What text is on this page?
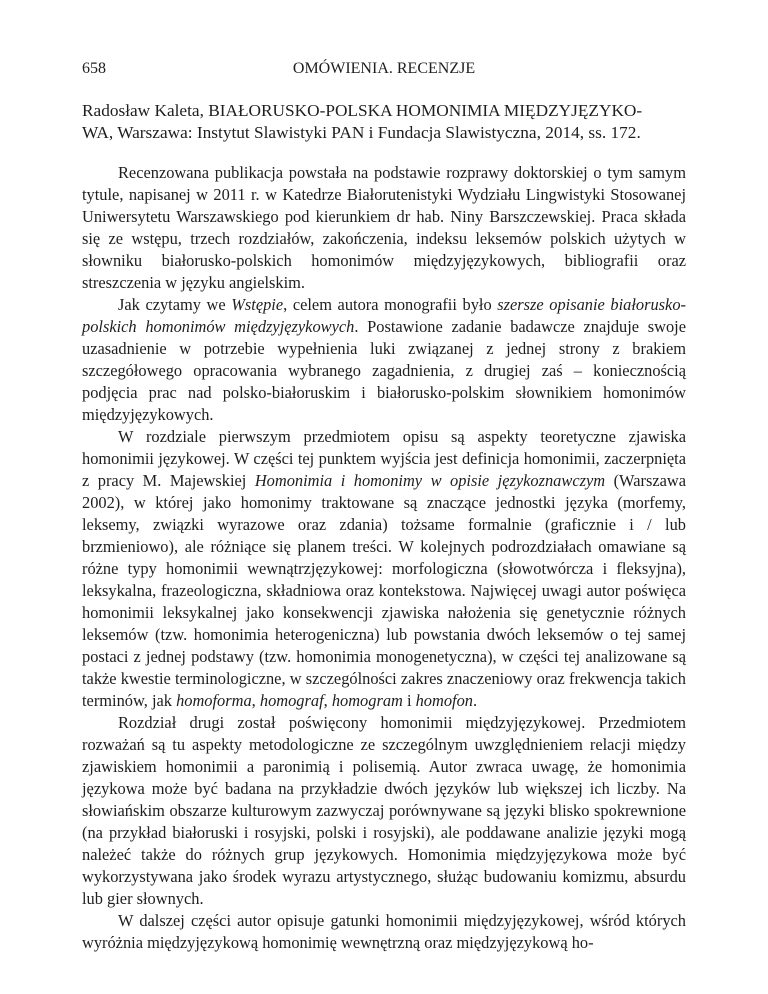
658	OMÓWIENIA. RECENZJE

Radosław Kaleta, BIAŁORUSKO-POLSKA HOMONIMIA MIĘDZYJĘZYKO-
WA, Warszawa: Instytut Slawistyki PAN i Fundacja Slawistyczna, 2014, ss. 172.

Recenzowana publikacja powstała na podstawie rozprawy doktorskiej o tym samym tytule, napisanej w 2011 r. w Katedrze Białorutenistyki Wydziału Lingwistyki Stosowanej Uniwersytetu Warszawskiego pod kierunkiem dr hab. Niny Barszczewskiej. Praca składa się ze wstępu, trzech rozdziałów, zakończenia, indeksu leksemów polskich użytych w słowniku białorusko-polskich homonimów międzyjęzykowych, bibliografii oraz streszczenia w języku angielskim.

Jak czytamy we Wstępie, celem autora monografii było szersze opisanie białorusko-polskich homonimów międzyjęzykowych. Postawione zadanie badawcze znajduje swoje uzasadnienie w potrzebie wypełnienia luki związanej z jednej strony z brakiem szczegółowego opracowania wybranego zagadnienia, z drugiej zaś – koniecznością podjęcia prac nad polsko-białoruskim i białorusko-polskim słownikiem homonimów międzyjęzykowych.

W rozdziale pierwszym przedmiotem opisu są aspekty teoretyczne zjawiska homonimii językowej. W części tej punktem wyjścia jest definicja homonimii, zaczerpnięta z pracy M. Majewskiej Homonimia i homonimy w opisie językoznawczym (Warszawa 2002), w której jako homonimy traktowane są znaczące jednostki języka (morfemy, leksemy, związki wyrazowe oraz zdania) tożsame formalnie (graficznie i / lub brzmieniowo), ale różniące się planem treści. W kolejnych podrozdziałach omawiane są różne typy homonimii wewnątrzjęzykowej: morfologiczna (słowotwórcza i fleksyjna), leksykalna, frazeologiczna, składniowa oraz kontekstowa. Najwięcej uwagi autor poświęca homonimii leksykalnej jako konsekwencji zjawiska nałożenia się genetycznie różnych leksemów (tzw. homonimia heterogeniczna) lub powstania dwóch leksemów o tej samej postaci z jednej podstawy (tzw. homonimia monogenetyczna), w części tej analizowane są także kwestie terminologiczne, w szczególności zakres znaczeniowy oraz frekwencja takich terminów, jak homoforma, homograf, homogram i homofon.

Rozdział drugi został poświęcony homonimii międzyjęzykowej. Przedmiotem rozważań są tu aspekty metodologiczne ze szczególnym uwzględnieniem relacji między zjawiskiem homonimii a paronimią i polisemią. Autor zwraca uwagę, że homonimia językowa może być badana na przykładzie dwóch języków lub większej ich liczby. Na słowiańskim obszarze kulturowym zazwyczaj porównywane są języki blisko spokrewnione (na przykład białoruski i rosyjski, polski i rosyjski), ale poddawane analizie języki mogą należeć także do różnych grup językowych. Homonimia międzyjęzykowa może być wykorzystywana jako środek wyrazu artystycznego, służąc budowaniu komizmu, absurdu lub gier słownych.

W dalszej części autor opisuje gatunki homonimii międzyjęzykowej, wśród których wyróżnia międzyjęzykową homonimię wewnętrzną oraz międzyjęzykową ho-
